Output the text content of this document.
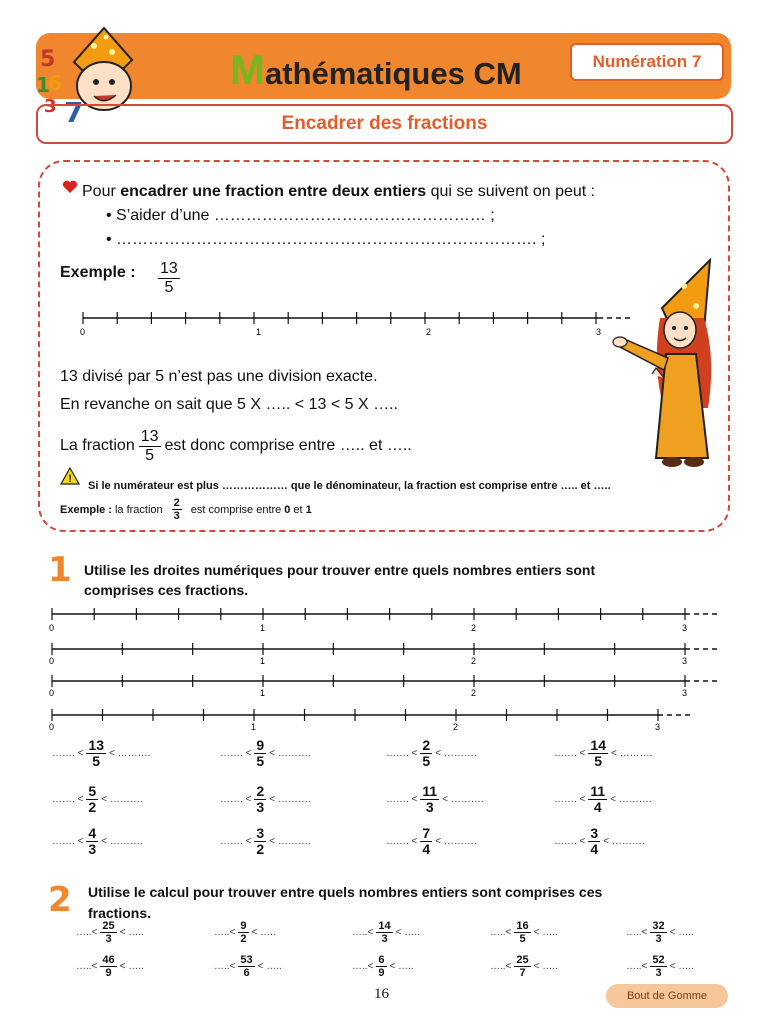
5
1
6
3 7
Mathématiques CM	Numération 7
Encadrer des fractions
Pour encadrer une fraction entre deux entiers qui se suivent on peut :
• S’aider d’une …………………………………………… ;
• ……………………………………………………………………. ;
Exemple : $\frac{13}{5}$
0	1	2	3
13 divisé par 5 n’est pas une division exacte.
En revanche on sait que 5 X ….. < 13 < 5 X …..
La fraction $\frac{13}{5}$ est donc comprise entre ….. et …..
!
Si le numérateur est plus ……………… que le dénominateur, la fraction est comprise entre ….. et …..
Exemple : la fraction $\frac{2}{3}$ est comprise entre 0 et 1
1 Utilise les droites numériques pour trouver entre quels nombres entiers sont
comprises ces fractions.
0	1	2	3
0	1	2	3
0	1	2	3
0	1	2	3
……. < $\frac{13}{5}$ < ……….	……. < $\frac{9}{5}$ < ……….	……. < $\frac{2}{5}$ < ……….	……. < $\frac{14}{5}$ < ……….
……. < $\frac{5}{2}$ < ……….	……. < $\frac{2}{3}$ < ……….	……. < $\frac{11}{3}$ < ……….	……. < $\frac{11}{4}$ < ……….
……. < $\frac{4}{3}$ < ……….	……. < $\frac{3}{2}$ < ……….	……. < $\frac{7}{4}$ < ……….	……. < $\frac{3}{4}$ < ……….
2 Utilise le calcul pour trouver entre quels nombres entiers sont comprises ces
fractions.
…..< $\frac{25}{3}$ < …..	…..< $\frac{9}{2}$ < …..	…..< $\frac{14}{3}$ < …..	…..< $\frac{16}{5}$ < …..	…..< $\frac{32}{3}$ < …..
…..< $\frac{46}{9}$ < …..	…..< $\frac{53}{6}$ < …..	…..< $\frac{6}{9}$ < …..	…..< $\frac{25}{7}$ < …..	…..< $\frac{52}{3}$ < …..
16	Bout de Gomme
